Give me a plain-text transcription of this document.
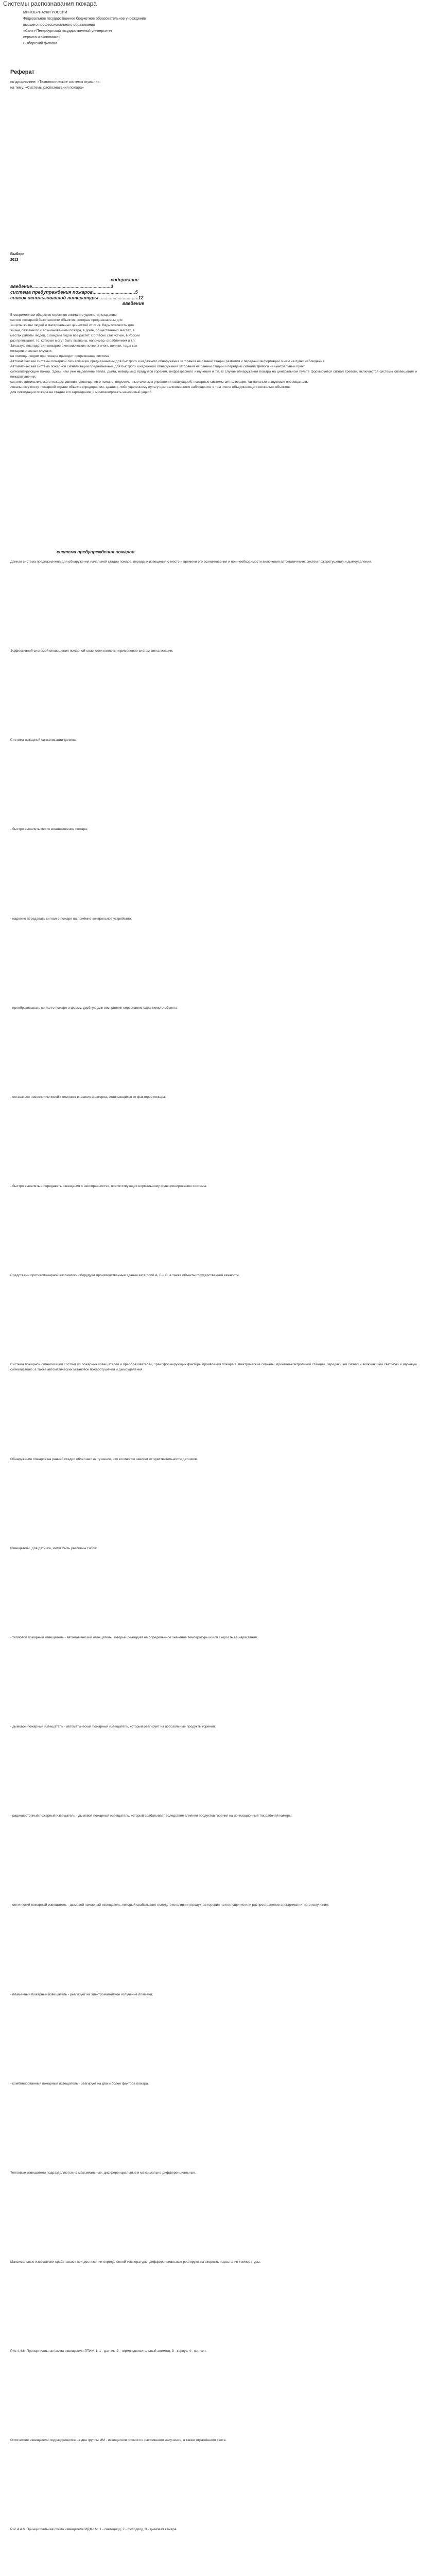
Системы распознавания пожара
МИНОБРНАУКИ РОССИИ
Федеральное государственное бюджетное образовательное учреждение
высшего профессионального образования
«Санкт-Петербургский государственный университет
сервиса и экономики»
Выборгский филиал
Реферат
по дисциплине: «Технологические системы отрасли».
на тему: «Системы распознавания пожара»
Выборг
2013
содержание
введение.............................................................3
система предупреждения пожаров.................................5
список использованной литературы ..............................12
введение

В современном обществе огромное внимание уделяется созданию

систем пожарной безопасности объектов, которые предназначены для

защиты жизни людей и материальных ценностей от огня. Ведь опасность для

жизни, связанного с возникновением пожара, в доме, общественных местах, в

местах работы людей, с каждым годом все растет. Согласно статистике, в России

раз превышает, то, которые могут быть вызваны, например, ограблением и т.п.

Зачастую последствия пожаров в человеческих потерях очень велики, тогда как

пожаров опасных случаях

на помощь людям при пожаре приходит современная система

Автоматические системы пожарной сигнализации предназначены для быстрого и надежного обнаружения загорания на ранней стадии развития и передачи информации о нем на пульт наблюдения.

Автоматическая система пожарной сигнализации предназначена для быстрого и надежного обнаружения загорания на ранней стадии и передачи сигнала тревоги на центральный пульт.

сигнализирующие пожар. Здесь нам уже выделение тепла, дыма, невидимых продуктов горения, инфракрасного излучения и т.п. В случае обнаружения пожара на центральном пульте формируется сигнал тревоги, включаются системы оповещения и пожаротушения.

системе автоматического пожаротушения, оповещения о пожаре, подключенные системы управления эвакуацией, пожарные системы сигнализации, сигнальные и звуковые оповещатели.

локальному посту, пожарной охране объекта (предприятия, здания), либо удаленному пульту централизованного наблюдения, в том числе объединяющего несколько объектов.

для ликвидации пожара на стадии его зарождения, и минимизировать наносимый ущерб.

система предупреждения пожаров

Данная система предназначена для обнаружения начальной стадии пожара, передачи извещения о месте и времени его возникновения и при необходимости включения автоматических систем пожаротушения и дымоудаления.

Эффективной системой оповещения пожарной опасности является применение систем сигнализации.

Система пожарной сигнализации должна:

- быстро выявлять место возникновения пожара;

- надежно передавать сигнал о пожаре на приёмно-контрольное устройство;

- преобразовывать сигнал о пожаре в форму, удобную для восприятия персоналом охраняемого объекта;

- оставаться невосприимчивой к влиянию внешних факторов, отличающихся от факторов пожара;

- быстро выявлять и передавать извещения о неисправностях, препятствующих нормальному функционированию системы.

Средствами противопожарной автоматики оборудуют производственные здания категорий А, Б и В, а также объекты государственной важности.

Система пожарной сигнализации состоит из пожарных извещателей и преобразователей, трансформирующих факторы проявления пожара в электрические сигналы; приемно-контрольной станции, передающей сигнал и включающей световую и звуковую сигнализацию; а также автоматических установок пожаротушения и дымоудаления.

Обнаружение пожаров на ранней стадии облегчает их тушение, что во многом зависит от чувствительности датчиков.

Извещатели, для датчика, могут быть различны типов:

- тепловой пожарный извещатель - автоматический извещатель, который реагирует на определенное значение температуры и/или скорость её нарастания;

- дымовой пожарный извещатель - автоматический пожарный извещатель, который реагирует на аэрозольные продукты горения;

- радиоизотопный пожарный извещатель - дымовой пожарный извещатель, который срабатывает вследствие влияния продуктов горения на ионизационный ток рабочей камеры;

- оптический пожарный извещатель - дымовой пожарный извещатель, который срабатывает вследствие влияния продуктов горения на поглощение или распространение электромагнитного излучения;

- пламенный пожарный извещатель - реагирует на электромагнитное излучение пламени;

- комбинированный пожарный извещатель - реагирует на два и более фактора пожара.

Тепловые извещатели подразделяются на максимальные, дифференциальные и максимально-дифференциальные.

Максимальные извещатели срабатывают при достижении определённой температуры, дифференциальные реагируют на скорость нарастания температуры.

Рис.4.4.6. Принципиальная схема извещателя ПТИМ-1: 1 - датчик, 2 - термочувствительный элемент, 3 - корпус, 4 - контакт.

Оптические извещатели подразделяются на два группы ИМ - извещатели прямого и рассеянного излучения, а также отражённого света.

Рис.4.4.6. Принципиальная схема извещателя ИДФ-1М: 1 - светодиод, 2 - фотодиод, 3 - дымовая камера.
